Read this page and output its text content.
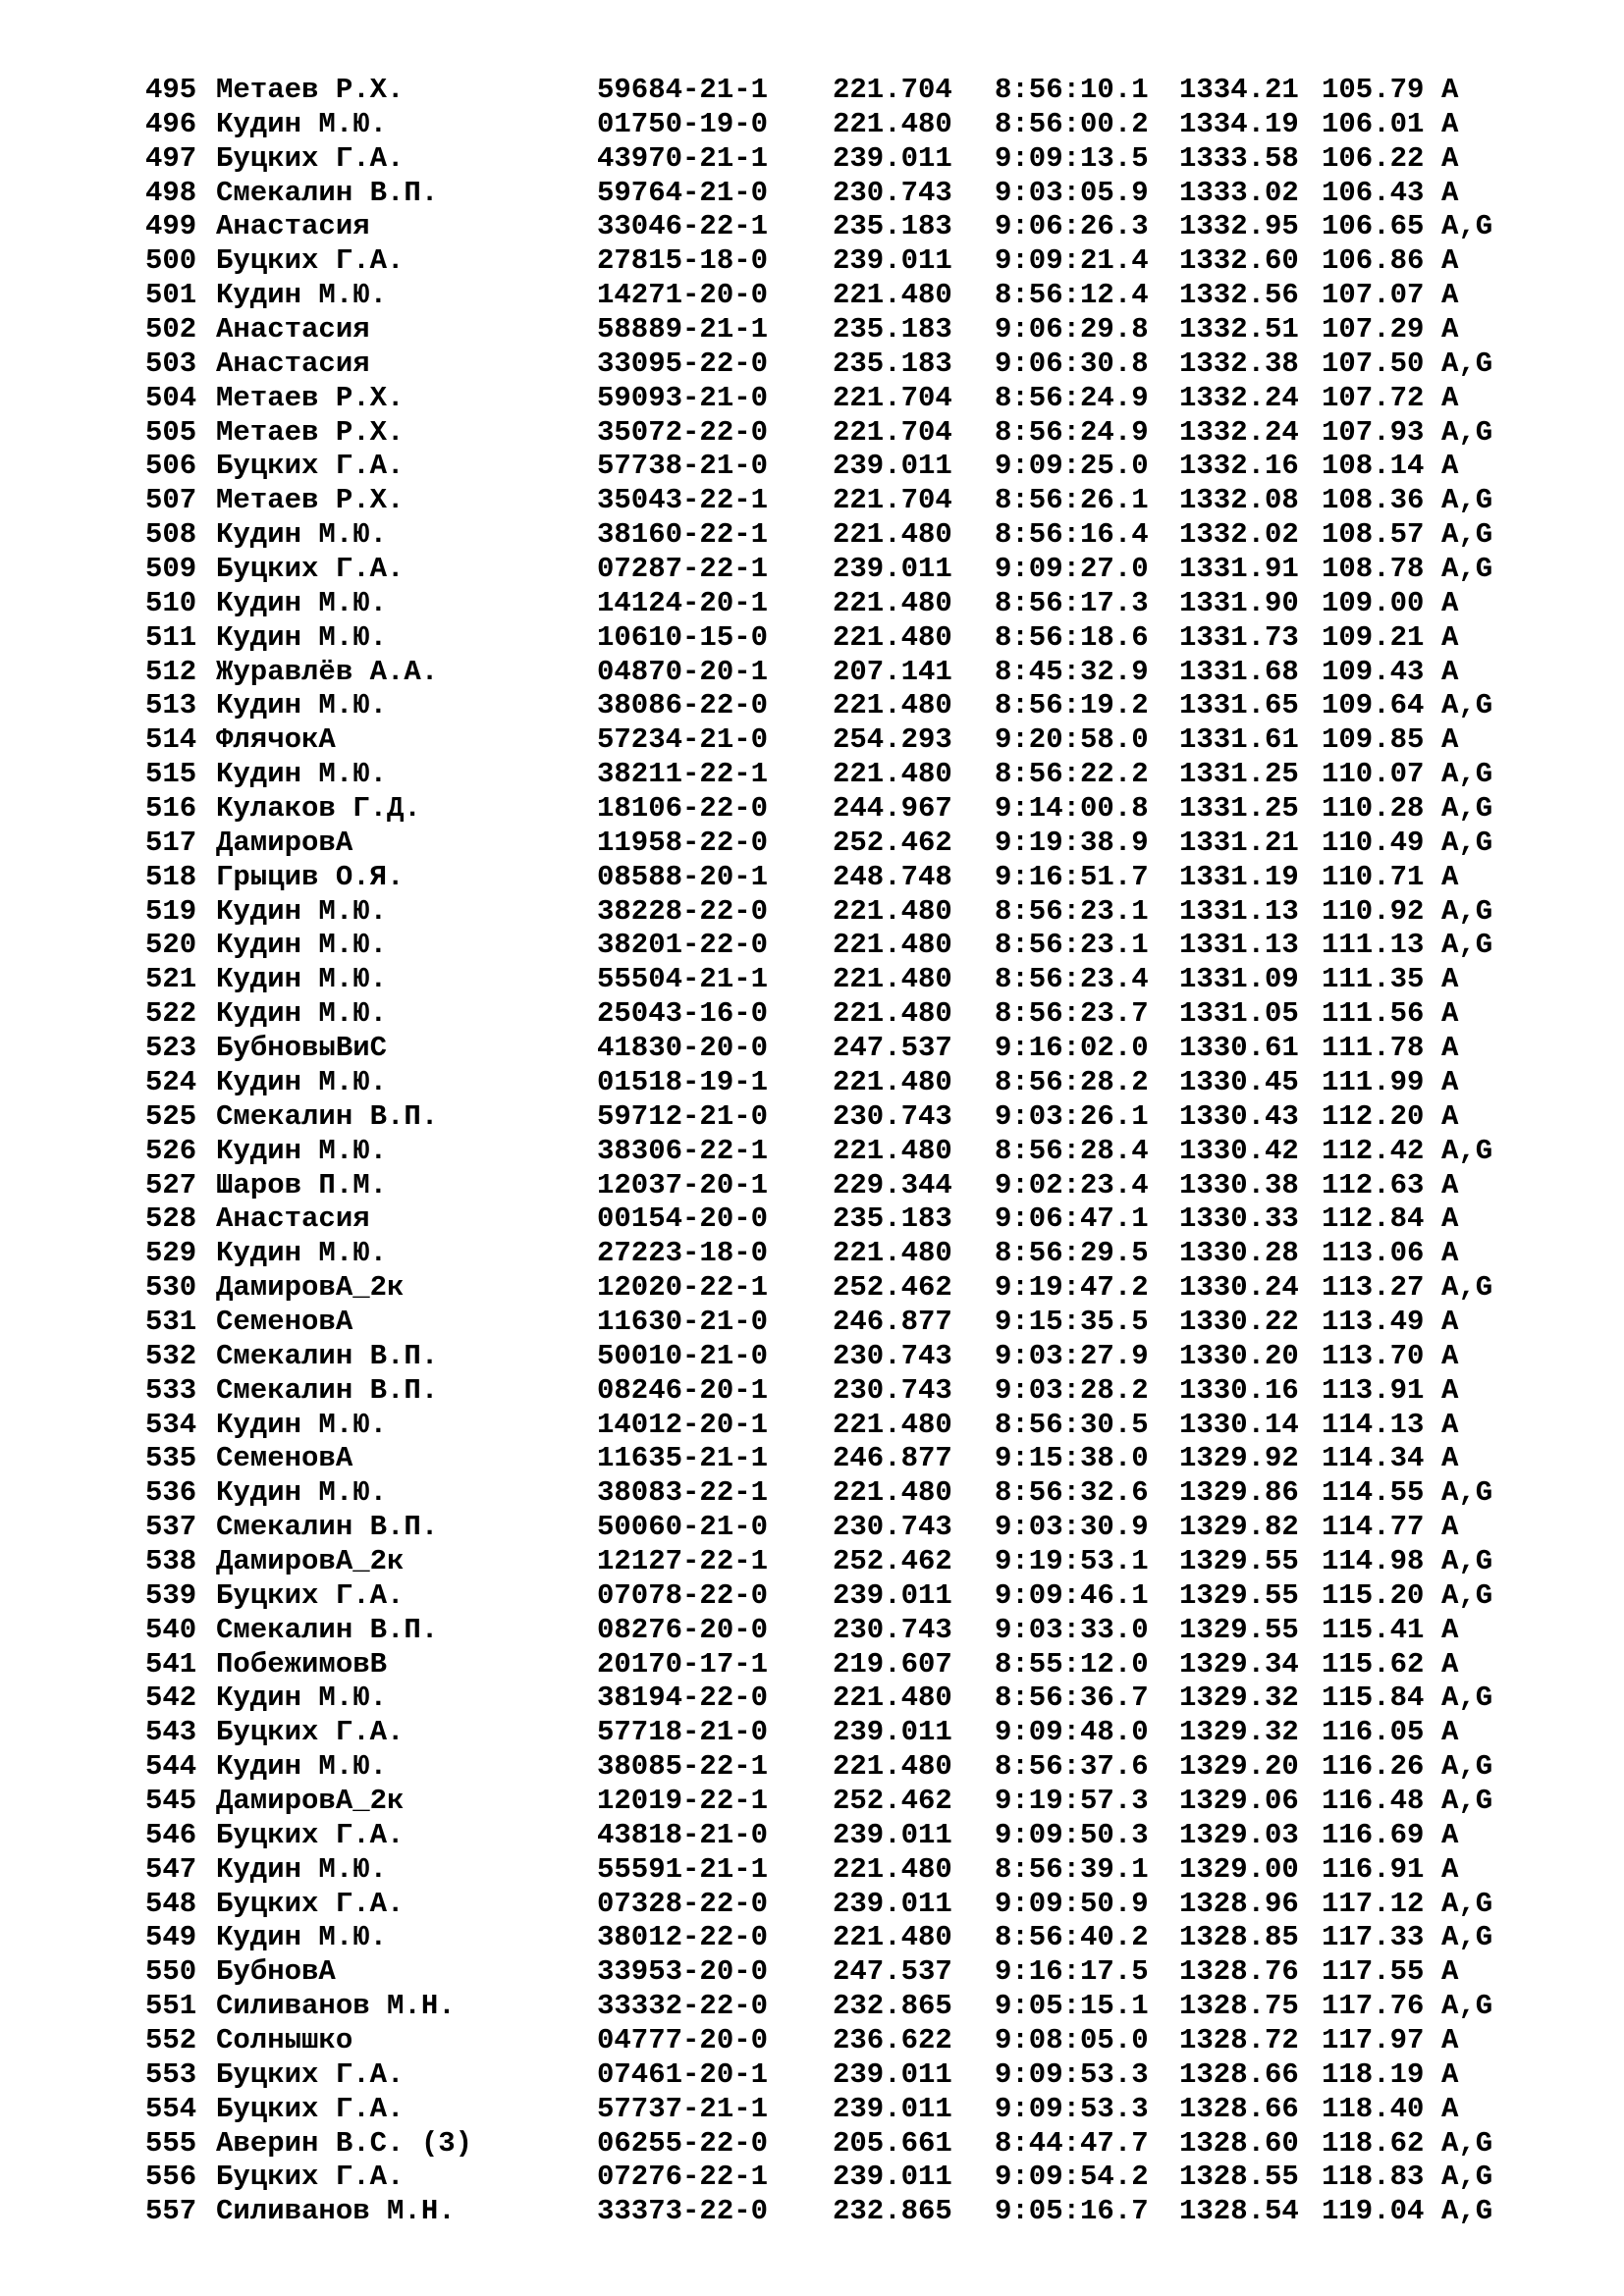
495 Метаев Р.Х.	59684-21-1 221.704 8:56:10.1 1334.21 105.79 A
496 Кудин М.Ю.	01750-19-0 221.480 8:56:00.2 1334.19 106.01 A
497 Буцких Г.А.	43970-21-1 239.011 9:09:13.5 1333.58 106.22 A
498 Смекалин В.П.	59764-21-0 230.743 9:03:05.9 1333.02 106.43 A
499 Анастасия	33046-22-1 235.183 9:06:26.3 1332.95 106.65 A,G
500 Буцких Г.А.	27815-18-0 239.011 9:09:21.4 1332.60 106.86 A
501 Кудин М.Ю.	14271-20-0 221.480 8:56:12.4 1332.56 107.07 A
502 Анастасия	58889-21-1 235.183 9:06:29.8 1332.51 107.29 A
503 Анастасия	33095-22-0 235.183 9:06:30.8 1332.38 107.50 A,G
504 Метаев Р.Х.	59093-21-0 221.704 8:56:24.9 1332.24 107.72 A
505 Метаев Р.Х.	35072-22-0 221.704 8:56:24.9 1332.24 107.93 A,G
506 Буцких Г.А.	57738-21-0 239.011 9:09:25.0 1332.16 108.14 A
507 Метаев Р.Х.	35043-22-1 221.704 8:56:26.1 1332.08 108.36 A,G
508 Кудин М.Ю.	38160-22-1 221.480 8:56:16.4 1332.02 108.57 A,G
509 Буцких Г.А.	07287-22-1 239.011 9:09:27.0 1331.91 108.78 A,G
510 Кудин М.Ю.	14124-20-1 221.480 8:56:17.3 1331.90 109.00 A
511 Кудин М.Ю.	10610-15-0 221.480 8:56:18.6 1331.73 109.21 A
512 Журавлёв А.А.	04870-20-1 207.141 8:45:32.9 1331.68 109.43 A
513 Кудин М.Ю.	38086-22-0 221.480 8:56:19.2 1331.65 109.64 A,G
514 ФлячокА	57234-21-0 254.293 9:20:58.0 1331.61 109.85 A
515 Кудин М.Ю.	38211-22-1 221.480 8:56:22.2 1331.25 110.07 A,G
516 Кулаков Г.Д.	18106-22-0 244.967 9:14:00.8 1331.25 110.28 A,G
517 ДамировА	11958-22-0 252.462 9:19:38.9 1331.21 110.49 A,G
518 Грыцив О.Я.	08588-20-1 248.748 9:16:51.7 1331.19 110.71 A
519 Кудин М.Ю.	38228-22-0 221.480 8:56:23.1 1331.13 110.92 A,G
520 Кудин М.Ю.	38201-22-0 221.480 8:56:23.1 1331.13 111.13 A,G
521 Кудин М.Ю.	55504-21-1 221.480 8:56:23.4 1331.09 111.35 A
522 Кудин М.Ю.	25043-16-0 221.480 8:56:23.7 1331.05 111.56 A
523 БубновыВиС	41830-20-0 247.537 9:16:02.0 1330.61 111.78 A
524 Кудин М.Ю.	01518-19-1 221.480 8:56:28.2 1330.45 111.99 A
525 Смекалин В.П.	59712-21-0 230.743 9:03:26.1 1330.43 112.20 A
526 Кудин М.Ю.	38306-22-1 221.480 8:56:28.4 1330.42 112.42 A,G
527 Шаров П.М.	12037-20-1 229.344 9:02:23.4 1330.38 112.63 A
528 Анастасия	00154-20-0 235.183 9:06:47.1 1330.33 112.84 A
529 Кудин М.Ю.	27223-18-0 221.480 8:56:29.5 1330.28 113.06 A
530 ДамировА_2к	12020-22-1 252.462 9:19:47.2 1330.24 113.27 A,G
531 СеменовА	11630-21-0 246.877 9:15:35.5 1330.22 113.49 A
532 Смекалин В.П.	50010-21-0 230.743 9:03:27.9 1330.20 113.70 A
533 Смекалин В.П.	08246-20-1 230.743 9:03:28.2 1330.16 113.91 A
534 Кудин М.Ю.	14012-20-1 221.480 8:56:30.5 1330.14 114.13 A
535 СеменовА	11635-21-1 246.877 9:15:38.0 1329.92 114.34 A
536 Кудин М.Ю.	38083-22-1 221.480 8:56:32.6 1329.86 114.55 A,G
537 Смекалин В.П.	50060-21-0 230.743 9:03:30.9 1329.82 114.77 A
538 ДамировА_2к	12127-22-1 252.462 9:19:53.1 1329.55 114.98 A,G
539 Буцких Г.А.	07078-22-0 239.011 9:09:46.1 1329.55 115.20 A,G
540 Смекалин В.П.	08276-20-0 230.743 9:03:33.0 1329.55 115.41 A
541 ПобежимовВ	20170-17-1 219.607 8:55:12.0 1329.34 115.62 A
542 Кудин М.Ю.	38194-22-0 221.480 8:56:36.7 1329.32 115.84 A,G
543 Буцких Г.А.	57718-21-0 239.011 9:09:48.0 1329.32 116.05 A
544 Кудин М.Ю.	38085-22-1 221.480 8:56:37.6 1329.20 116.26 A,G
545 ДамировА_2к	12019-22-1 252.462 9:19:57.3 1329.06 116.48 A,G
546 Буцких Г.А.	43818-21-0 239.011 9:09:50.3 1329.03 116.69 A
547 Кудин М.Ю.	55591-21-1 221.480 8:56:39.1 1329.00 116.91 A
548 Буцких Г.А.	07328-22-0 239.011 9:09:50.9 1328.96 117.12 A,G
549 Кудин М.Ю.	38012-22-0 221.480 8:56:40.2 1328.85 117.33 A,G
550 БубновА	33953-20-0 247.537 9:16:17.5 1328.76 117.55 A
551 Силиванов М.Н.	33332-22-0 232.865 9:05:15.1 1328.75 117.76 A,G
552 Солнышко	04777-20-0 236.622 9:08:05.0 1328.72 117.97 A
553 Буцких Г.А.	07461-20-1 239.011 9:09:53.3 1328.66 118.19 A
554 Буцких Г.А.	57737-21-1 239.011 9:09:53.3 1328.66 118.40 A
555 Аверин В.С. (3)	06255-22-0 205.661 8:44:47.7 1328.60 118.62 A,G
556 Буцких Г.А.	07276-22-1 239.011 9:09:54.2 1328.55 118.83 A,G
557 Силиванов М.Н.	33373-22-0 232.865 9:05:16.7 1328.54 119.04 A,G
